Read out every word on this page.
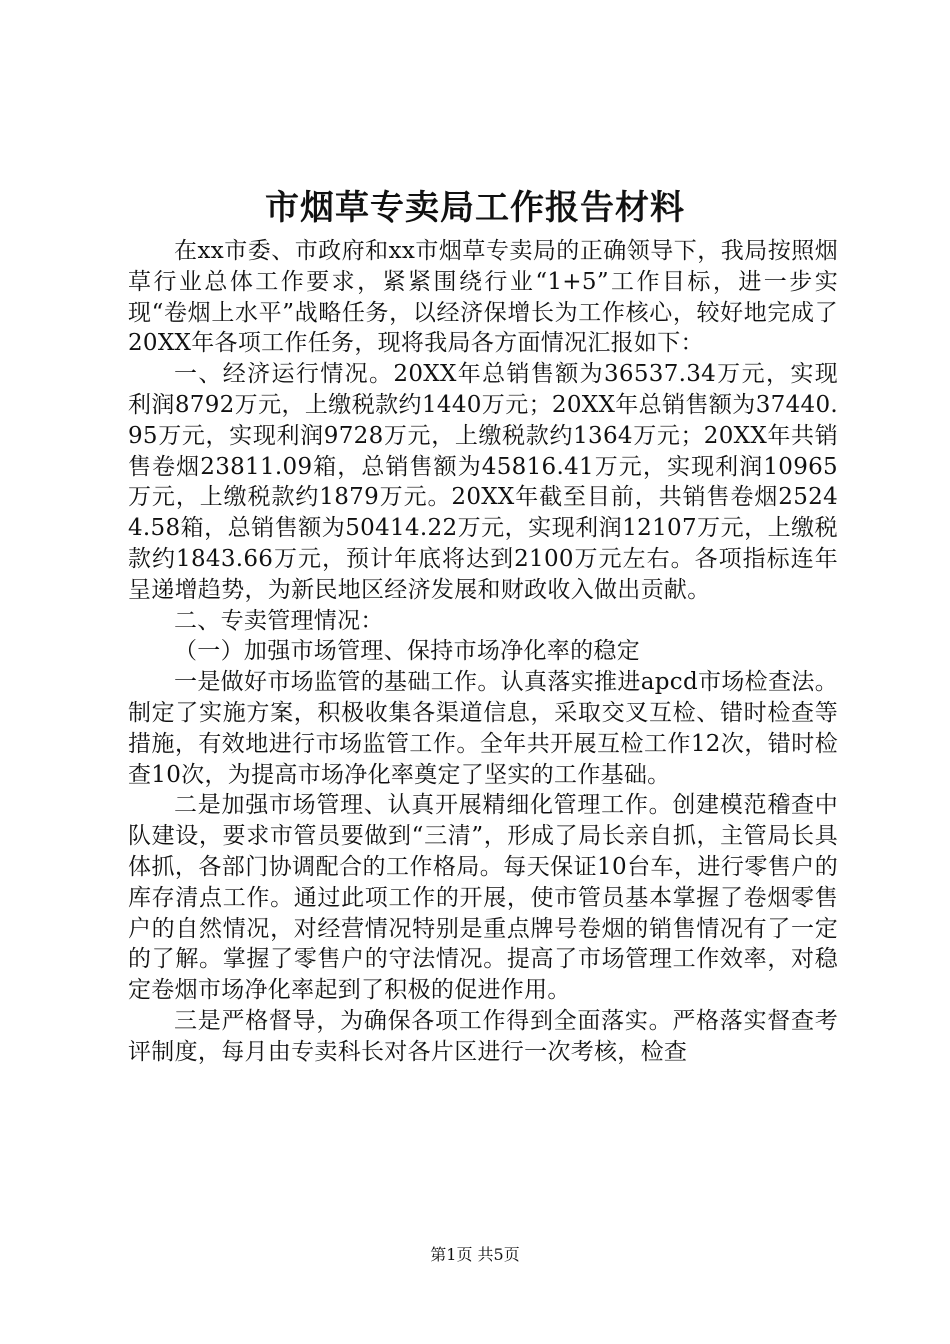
市烟草专卖局工作报告材料

在xx市委、市政府和xx市烟草专卖局的正确领导下，我局按照烟草行业总体工作要求，紧紧围绕行业“1+5”工作目标，进一步实现“卷烟上水平”战略任务，以经济保增长为工作核心，较好地完成了20XX年各项工作任务，现将我局各方面情况汇报如下：

一、经济运行情况。20XX年总销售额为36537.34万元，实现利润8792万元，上缴税款约1440万元；20XX年总销售额为37440.95万元，实现利润9728万元，上缴税款约1364万元；20XX年共销售卷烟23811.09箱，总销售额为45816.41万元，实现利润10965万元，上缴税款约1879万元。20XX年截至目前，共销售卷烟25244.58箱，总销售额为50414.22万元，实现利润12107万元，上缴税款约1843.66万元，预计年底将达到2100万元左右。各项指标连年呈递增趋势，为新民地区经济发展和财政收入做出贡献。

二、专卖管理情况：

（一）加强市场管理、保持市场净化率的稳定

一是做好市场监管的基础工作。认真落实推进apcd市场检查法。制定了实施方案，积极收集各渠道信息，采取交叉互检、错时检查等措施，有效地进行市场监管工作。全年共开展互检工作12次，错时检查10次，为提高市场净化率奠定了坚实的工作基础。

二是加强市场管理、认真开展精细化管理工作。创建模范稽查中队建设，要求市管员要做到“三清”，形成了局长亲自抓，主管局长具体抓，各部门协调配合的工作格局。每天保证10台车，进行零售户的库存清点工作。通过此项工作的开展，使市管员基本掌握了卷烟零售户的自然情况，对经营情况特别是重点牌号卷烟的销售情况有了一定的了解。掌握了零售户的守法情况。提高了市场管理工作效率，对稳定卷烟市场净化率起到了积极的促进作用。

三是严格督导，为确保各项工作得到全面落实。严格落实督查考评制度，每月由专卖科长对各片区进行一次考核，检查

第1页 共5页
